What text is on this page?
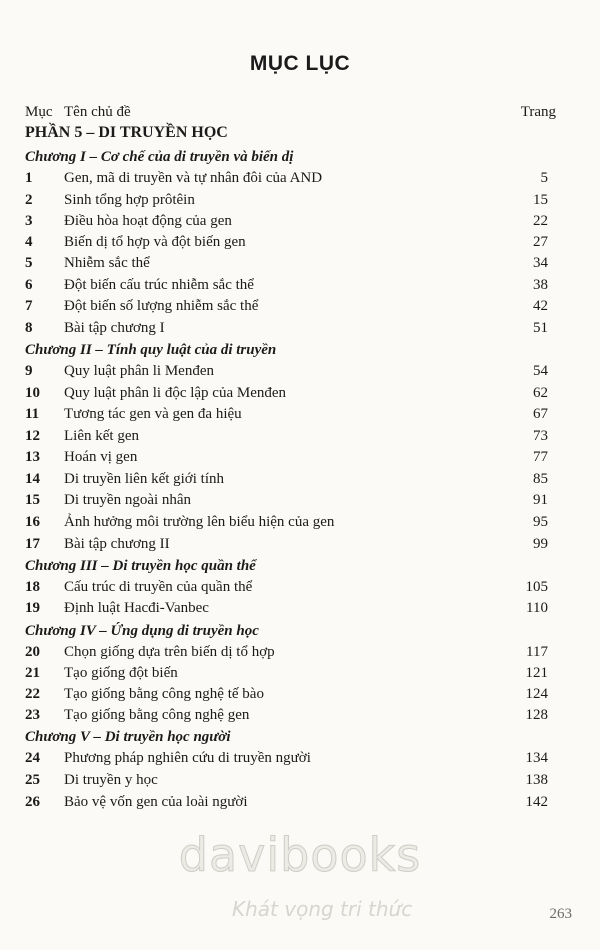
MỤC LỤC
Mục Tên chủ đề	Trang
PHẦN 5 – DI TRUYỀN HỌC
Chương I – Cơ chế của di truyền và biến dị
Chương II – Tính quy luật của di truyền
Chương III – Di truyền học quần thể
Chương IV – Ứng dụng di truyền học
Chương V – Di truyền học người
1 Gen, mã di truyền và tự nhân đôi của AND	5
2 Sinh tổng hợp prôtêin	15
3 Điều hòa hoạt động của gen	22
4 Biến dị tổ hợp và đột biến gen	27
5 Nhiễm sắc thể	34
6 Đột biến cấu trúc nhiễm sắc thể	38
7 Đột biến số lượng nhiễm sắc thể	42
8 Bài tập chương I	51
9 Quy luật phân li Menđen	54
10 Quy luật phân li độc lập của Menđen	62
11 Tương tác gen và gen đa hiệu	67
12 Liên kết gen	73
13 Hoán vị gen	77
14 Di truyền liên kết giới tính	85
15 Di truyền ngoài nhân	91
16 Ảnh hưởng môi trường lên biểu hiện của gen	95
17 Bài tập chương II	99
18 Cấu trúc di truyền của quần thể	105
19 Định luật Hacđi-Vanbec	110
20 Chọn giống dựa trên biến dị tổ hợp	117
21 Tạo giống đột biến	121
22 Tạo giống bằng công nghệ tế bào	124
23 Tạo giống bằng công nghệ gen	128
24 Phương pháp nghiên cứu di truyền người	134
25 Di truyền y học	138
26 Bảo vệ vốn gen của loài người	142
davibooks
Khát vọng tri thức	263
